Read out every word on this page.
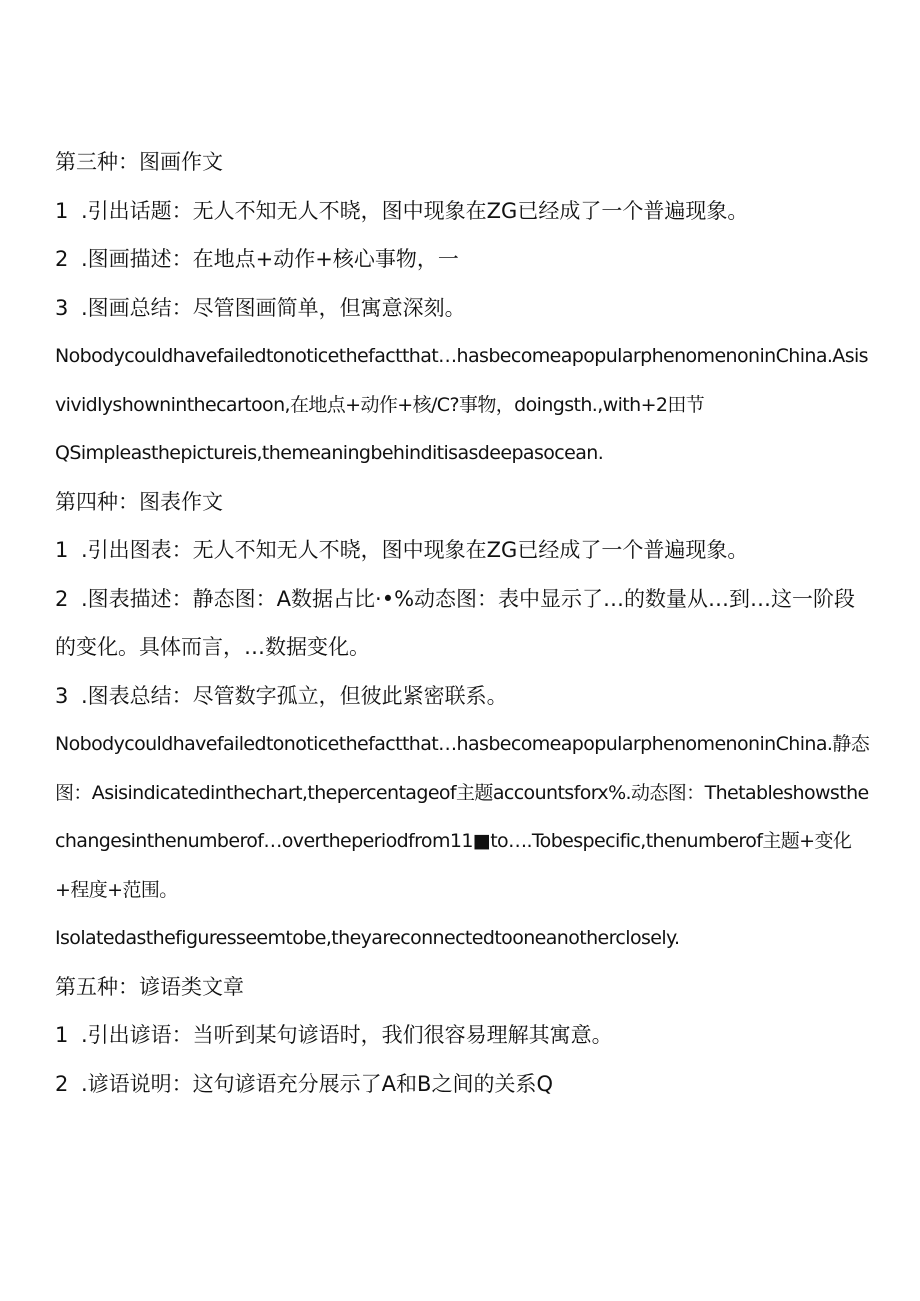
第三种：图画作文
1 .引出话题：无人不知无人不晓，图中现象在ZG已经成了一个普遍现象。
2 .图画描述：在地点+动作+核心事物，一
3 .图画总结：尽管图画简单，但寓意深刻。
Nobodycouldhavefailedtonoticethefactthat…hasbecomeapopularphenomenoninChina.Asisvividlyshowninthecartoon,在地点+动作+核/C?事物，doingsth.,with+2田节
QSimpleasthepictureis,themeaningbehinditisasdeepasocean.
第四种：图表作文
1 .引出图表：无人不知无人不晓，图中现象在ZG已经成了一个普遍现象。
2 .图表描述：静态图：A数据占比·•%动态图：表中显示了…的数量从…到…这一阶段的变化。具体而言，…数据变化。
3 .图表总结：尽管数字孤立，但彼此紧密联系。
Nobodycouldhavefailedtonoticethefactthat…hasbecomeapopularphenomenoninChina.静态图：Asisindicatedinthechart,thepercentageof主题accountsforx%.动态图：Thetableshowsthechangesinthenumberof…overtheperiodfrom11■to….Tobespecific,thenumberof主题+变化+程度+范围。
Isolatedasthefiguresseemtobe,theyareconnectedtooneanotherclosely.
第五种：谚语类文章
1 .引出谚语：当听到某句谚语时，我们很容易理解其寓意。
2 .谚语说明：这句谚语充分展示了A和B之间的关系Q
